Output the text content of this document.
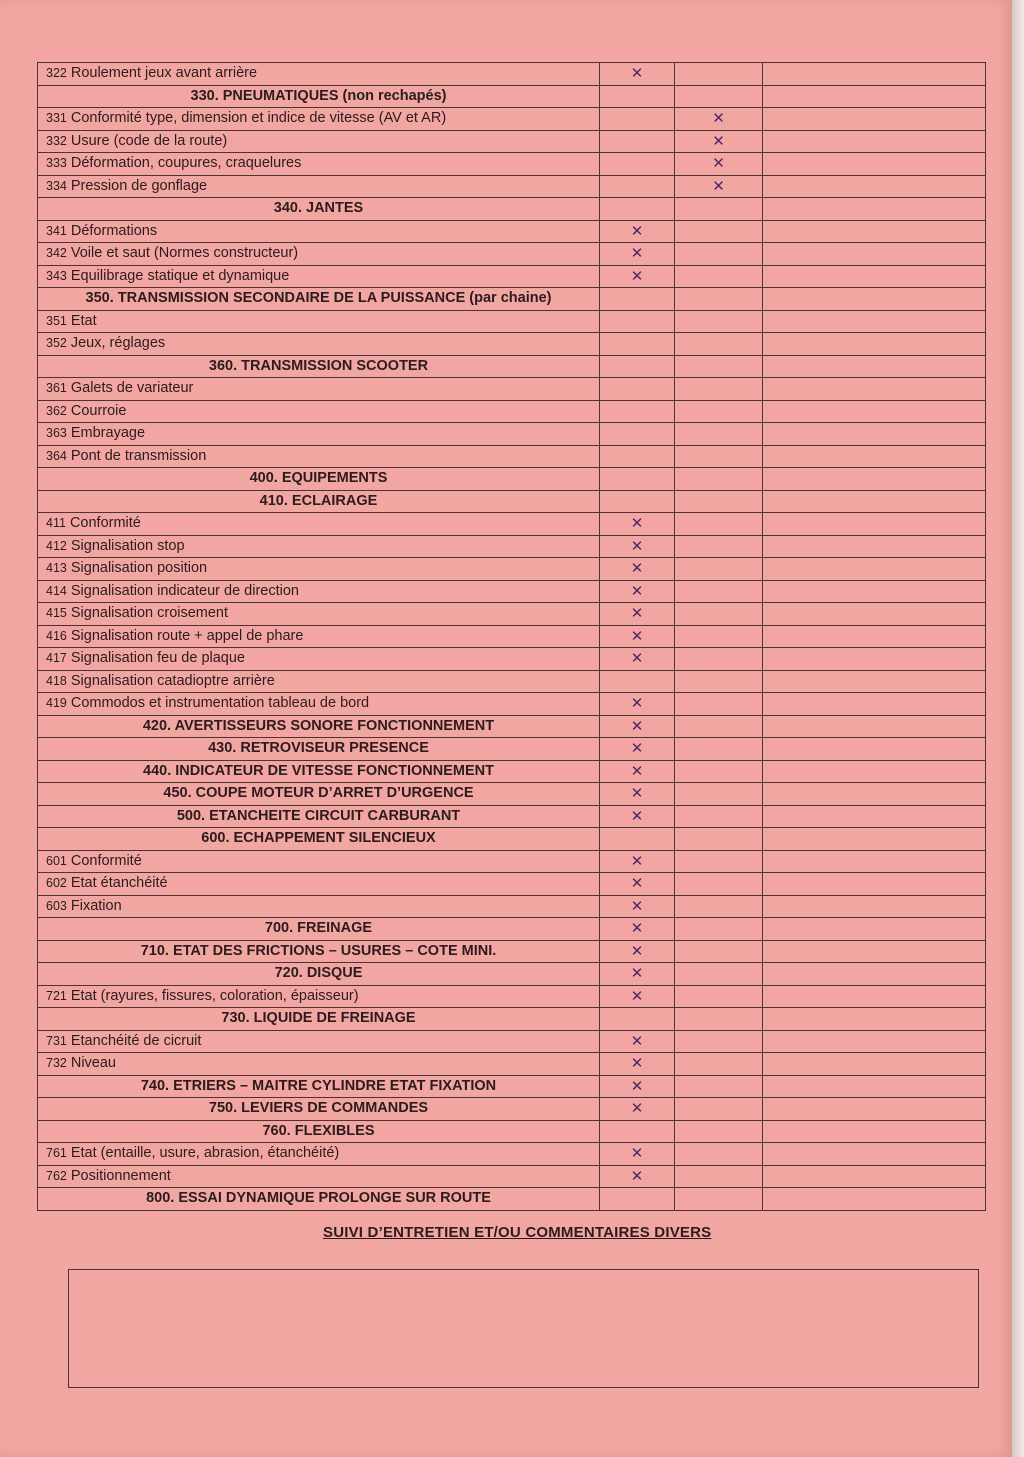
322 Roulement jeux avant arrière	✕		
330. PNEUMATIQUES (non rechapés)			
331 Conformité type, dimension et indice de vitesse (AV et AR)		✕	
332 Usure (code de la route)		✕	
333 Déformation, coupures, craquelures		✕	
334 Pression de gonflage		✕	
340. JANTES			
341 Déformations	✕		
342 Voile et saut (Normes constructeur)	✕		
343 Equilibrage statique et dynamique	✕		
350. TRANSMISSION SECONDAIRE DE LA PUISSANCE (par chaine)			
351 Etat			
352 Jeux, réglages			
360. TRANSMISSION SCOOTER			
361 Galets de variateur			
362 Courroie			
363 Embrayage			
364 Pont de transmission			
400. EQUIPEMENTS			
410. ECLAIRAGE			
411 Conformité	✕		
412 Signalisation stop	✕		
413 Signalisation position	✕		
414 Signalisation indicateur de direction	✕		
415 Signalisation croisement	✕		
416 Signalisation route + appel de phare	✕		
417 Signalisation feu de plaque	✕		
418 Signalisation catadioptre arrière			
419 Commodos et instrumentation tableau de bord	✕		
420. AVERTISSEURS SONORE FONCTIONNEMENT	✕		
430. RETROVISEUR PRESENCE	✕		
440. INDICATEUR DE VITESSE FONCTIONNEMENT	✕		
450. COUPE MOTEUR D’ARRET D’URGENCE	✕		
500. ETANCHEITE CIRCUIT CARBURANT	✕		
600. ECHAPPEMENT SILENCIEUX			
601 Conformité	✕		
602 Etat étanchéité	✕		
603 Fixation	✕		
700. FREINAGE	✕		
710. ETAT DES FRICTIONS – USURES – COTE MINI.	✕		
720. DISQUE	✕		
721 Etat (rayures, fissures, coloration, épaisseur)	✕		
730. LIQUIDE DE FREINAGE			
731 Etanchéité de cicruit	✕		
732 Niveau	✕		
740. ETRIERS – MAITRE CYLINDRE ETAT FIXATION	✕		
750. LEVIERS DE COMMANDES	✕		
760. FLEXIBLES			
761 Etat (entaille, usure, abrasion, étanchéité)	✕		
762 Positionnement	✕		
800. ESSAI DYNAMIQUE PROLONGE SUR ROUTE			
SUIVI D’ENTRETIEN ET/OU COMMENTAIRES DIVERS
